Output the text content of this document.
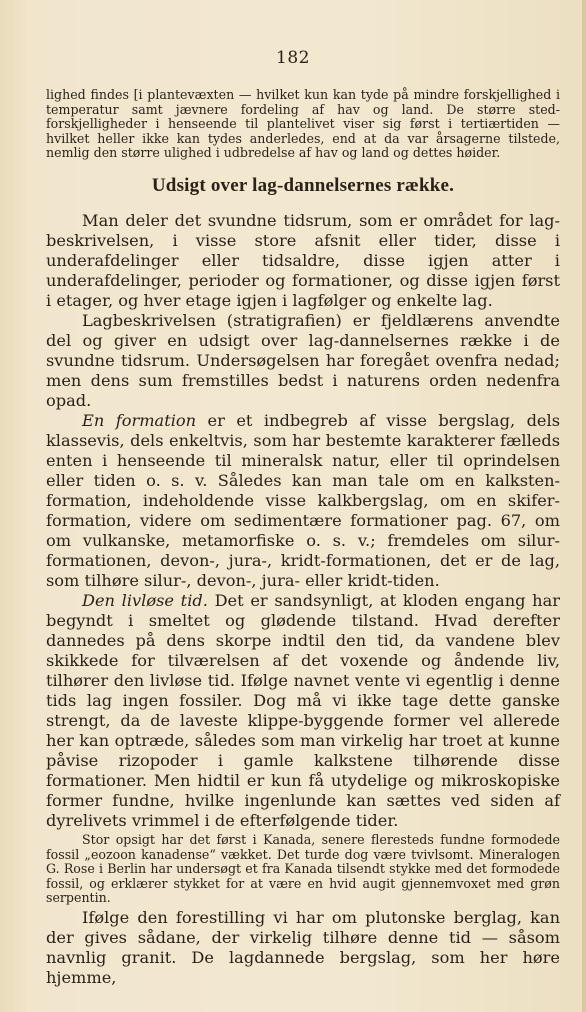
182

lighed findes [i plantevæxten — hvilket kun kan tyde på mindre forskjellighed i temperatur samt jævnere fordeling af hav og land. De større sted-forskjelligheder i henseende til plantelivet viser sig først i tertiærtiden — hvilket heller ikke kan tydes anderledes, end at da var årsagerne tilstede, nemlig den større ulighed i udbredelse af hav og land og dettes høider.

Udsigt over lag-dannelsernes række.

Man deler det svundne tidsrum, som er området for lag-beskrivelsen, i visse store afsnit eller tider, disse i underafdelinger eller tidsaldre, disse igjen atter i underafdelinger, perioder og formationer, og disse igjen først i etager, og hver etage igjen i lagfølger og enkelte lag.

Lagbeskrivelsen (stratigrafien) er fjeldlærens anvendte del og giver en udsigt over lag-dannelsernes række i de svundne tidsrum. Undersøgelsen har foregået ovenfra nedad; men dens sum fremstilles bedst i naturens orden nedenfra opad.

En formation er et indbegreb af visse bergslag, dels klassevis, dels enkeltvis, som har bestemte karakterer fælleds enten i henseende til mineralsk natur, eller til oprindelsen eller tiden o. s. v. Således kan man tale om en kalksten-formation, indeholdende visse kalkbergslag, om en skifer-formation, videre om sedimentære formationer pag. 67, om om vulkanske, metamorfiske o. s. v.; fremdeles om silur-formationen, devon-, jura-, kridt-formationen, det er de lag, som tilhøre silur-, devon-, jura- eller kridt-tiden.

Den livløse tid. Det er sandsynligt, at kloden engang har begyndt i smeltet og glødende tilstand. Hvad derefter dannedes på dens skorpe indtil den tid, da vandene blev skikkede for tilværelsen af det voxende og åndende liv, tilhører den livløse tid. Ifølge navnet vente vi egentlig i denne tids lag ingen fossiler. Dog må vi ikke tage dette ganske strengt, da de laveste klippe-byggende former vel allerede her kan optræde, således som man virkelig har troet at kunne påvise rizopoder i gamle kalkstene tilhørende disse formationer. Men hidtil er kun få utydelige og mikroskopiske former fundne, hvilke ingenlunde kan sættes ved siden af dyrelivets vrimmel i de efterfølgende tider.

Stor opsigt har det først i Kanada, senere fleresteds fundne formodede fossil „eozoon kanadense“ vækket. Det turde dog være tvivlsomt. Mineralogen G. Rose i Berlin har undersøgt et fra Kanada tilsendt stykke med det formodede fossil, og erklærer stykket for at være en hvid augit gjennemvoxet med grøn serpentin.

Ifølge den forestilling vi har om plutonske berglag, kan der gives sådane, der virkelig tilhøre denne tid — såsom navnlig granit. De lagdannede bergslag, som her høre hjemme,
